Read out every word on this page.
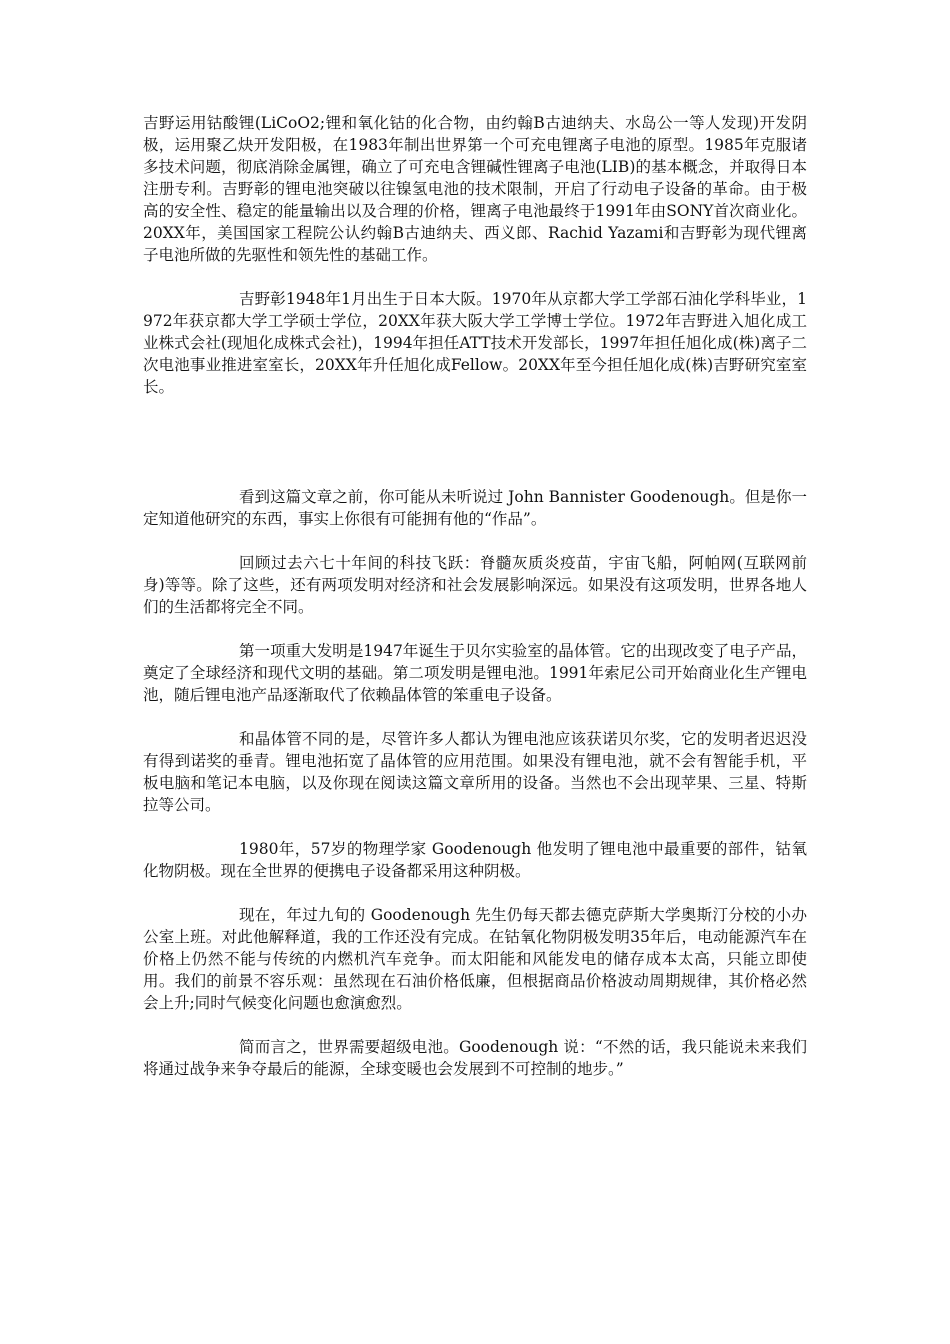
吉野运用钴酸锂(LiCoO2;锂和氧化钴的化合物，由约翰B古迪纳夫、水岛公一等人发现)开发阴极，运用聚乙炔开发阳极，在1983年制出世界第一个可充电锂离子电池的原型。1985年克服诸多技术问题，彻底消除金属锂，确立了可充电含锂碱性锂离子电池(LIB)的基本概念，并取得日本注册专利。吉野彰的锂电池突破以往镍氢电池的技术限制，开启了行动电子设备的革命。由于极高的安全性、稳定的能量输出以及合理的价格，锂离子电池最终于1991年由SONY首次商业化。20XX年，美国国家工程院公认约翰B古迪纳夫、西义郎、Rachid Yazami和吉野彰为现代锂离子电池所做的先驱性和领先性的基础工作。

吉野彰1948年1月出生于日本大阪。1970年从京都大学工学部石油化学科毕业，1972年获京都大学工学硕士学位，20XX年获大阪大学工学博士学位。1972年吉野进入旭化成工业株式会社(现旭化成株式会社)，1994年担任ATT技术开发部长，1997年担任旭化成(株)离子二次电池事业推进室室长，20XX年升任旭化成Fellow。20XX年至今担任旭化成(株)吉野研究室室长。

看到这篇文章之前，你可能从未听说过 John Bannister Goodenough。但是你一定知道他研究的东西，事实上你很有可能拥有他的“作品”。

回顾过去六七十年间的科技飞跃：脊髓灰质炎疫苗，宇宙飞船，阿帕网(互联网前身)等等。除了这些，还有两项发明对经济和社会发展影响深远。如果没有这项发明，世界各地人们的生活都将完全不同。

第一项重大发明是1947年诞生于贝尔实验室的晶体管。它的出现改变了电子产品，奠定了全球经济和现代文明的基础。第二项发明是锂电池。1991年索尼公司开始商业化生产锂电池，随后锂电池产品逐渐取代了依赖晶体管的笨重电子设备。

和晶体管不同的是，尽管许多人都认为锂电池应该获诺贝尔奖，它的发明者迟迟没有得到诺奖的垂青。锂电池拓宽了晶体管的应用范围。如果没有锂电池，就不会有智能手机，平板电脑和笔记本电脑，以及你现在阅读这篇文章所用的设备。当然也不会出现苹果、三星、特斯拉等公司。

1980年，57岁的物理学家 Goodenough 他发明了锂电池中最重要的部件，钴氧化物阴极。现在全世界的便携电子设备都采用这种阴极。

现在，年过九旬的 Goodenough 先生仍每天都去德克萨斯大学奥斯汀分校的小办公室上班。对此他解释道，我的工作还没有完成。在钴氧化物阴极发明35年后，电动能源汽车在价格上仍然不能与传统的内燃机汽车竞争。而太阳能和风能发电的储存成本太高，只能立即使用。我们的前景不容乐观：虽然现在石油价格低廉，但根据商品价格波动周期规律，其价格必然会上升;同时气候变化问题也愈演愈烈。

简而言之，世界需要超级电池。Goodenough 说：“不然的话，我只能说未来我们将通过战争来争夺最后的能源，全球变暖也会发展到不可控制的地步。”
